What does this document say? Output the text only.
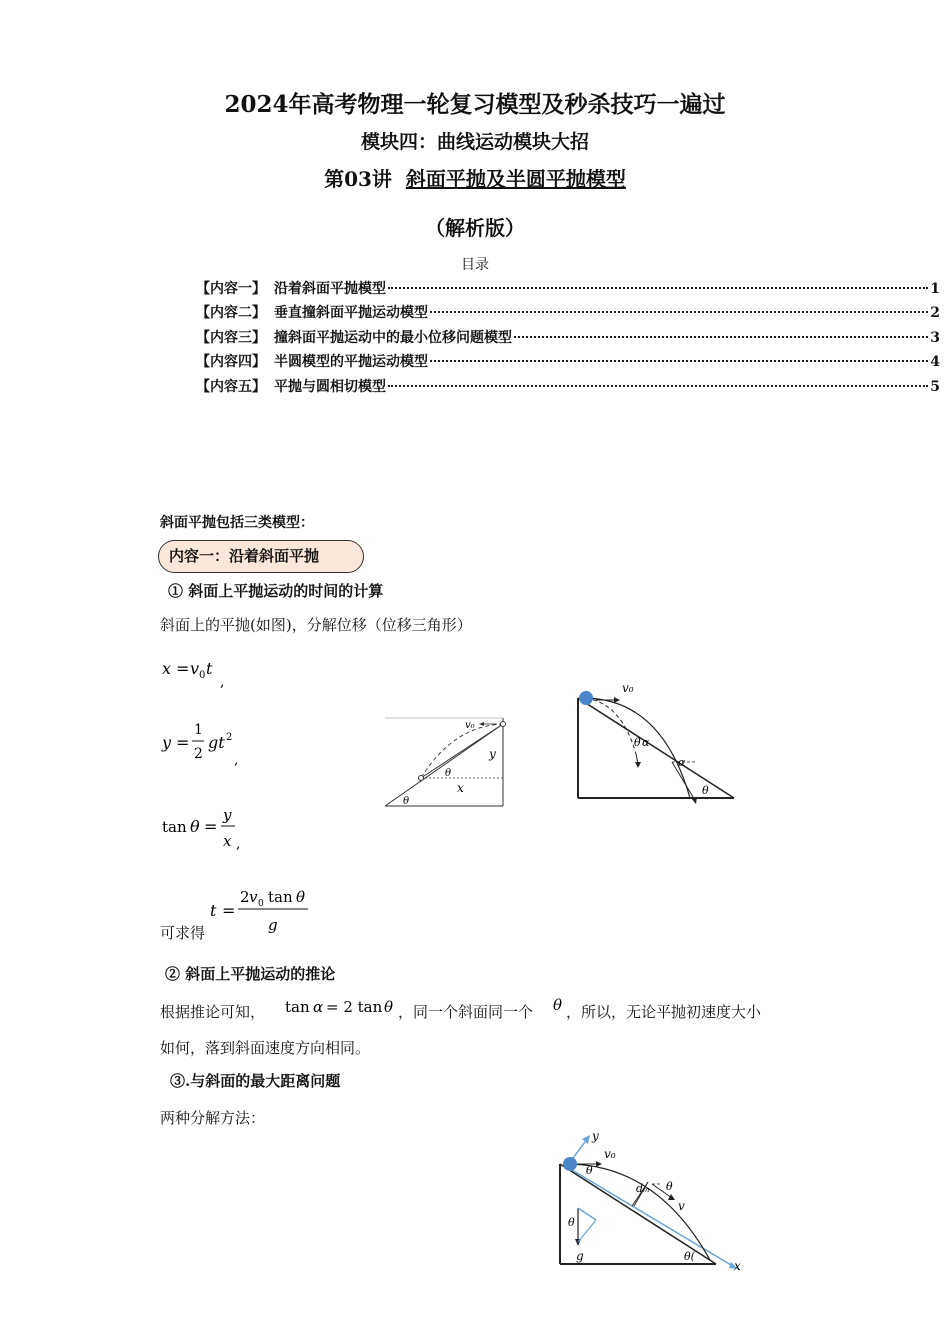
2024年高考物理一轮复习模型及秒杀技巧一遍过
模块四：曲线运动模块大招
第03讲 斜面平抛及半圆平抛模型
（解析版）
目录
【内容一】 沿着斜面平抛模型	1
【内容二】 垂直撞斜面平抛运动模型	2
【内容三】 撞斜面平抛运动中的最小位移问题模型	3
【内容四】 半圆模型的平抛运动模型	4
【内容五】 平抛与圆相切模型	5
斜面平抛包括三类模型：
内容一：沿着斜面平抛
① 斜面上平抛运动的时间的计算
斜面上的平抛(如图)，分解位移（位移三角形）
x = v 0 t
,
y =
1
2
gt 2
,
tan θ =
y
x ,
可求得
t =
2 v 0 tan θ
g
v₀
y
x
θ
θ
v₀
θ α
α
θ
② 斜面上平抛运动的推论
根据推论可知， tan α = 2 tan θ ，同一个斜面同一个 θ ，所以，无论平抛初速度大小
如何，落到斜面速度方向相同。
③.与斜面的最大距离问题
两种分解方法：
x
y
v₀
θ
dₘ θ
v
θ
g	θ(
